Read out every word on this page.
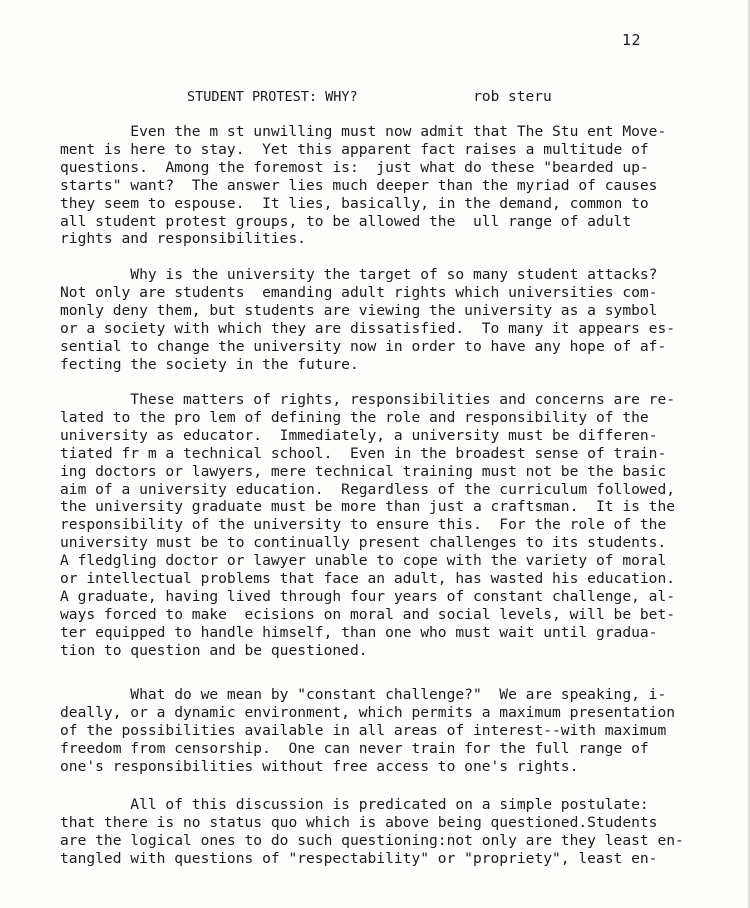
12
STUDENT PROTEST: WHY?	rob steru
Even the m st unwilling must now admit that The Stu ent Move-
ment is here to stay.  Yet this apparent fact raises a multitude of
questions.  Among the foremost is:  just what do these "bearded up-
starts" want?  The answer lies much deeper than the myriad of causes
they seem to espouse.  It lies, basically, in the demand, common to
all student protest groups, to be allowed the  ull range of adult
rights and responsibilities.
Why is the university the target of so many student attacks?
Not only are students  emanding adult rights which universities com-
monly deny them, but students are viewing the university as a symbol
or a society with which they are dissatisfied.  To many it appears es-
sential to change the university now in order to have any hope of af-
fecting the society in the future.
These matters of rights, responsibilities and concerns are re-
lated to the pro lem of defining the role and responsibility of the
university as educator.  Immediately, a university must be differen-
tiated fr m a technical school.  Even in the broadest sense of train-
ing doctors or lawyers, mere technical training must not be the basic
aim of a university education.  Regardless of the curriculum followed,
the university graduate must be more than just a craftsman.  It is the
responsibility of the university to ensure this.  For the role of the
university must be to continually present challenges to its students.
A fledgling doctor or lawyer unable to cope with the variety of moral
or intellectual problems that face an adult, has wasted his education.
A graduate, having lived through four years of constant challenge, al-
ways forced to make  ecisions on moral and social levels, will be bet-
ter equipped to handle himself, than one who must wait until gradua-
tion to question and be questioned.
What do we mean by "constant challenge?"  We are speaking, i-
deally, or a dynamic environment, which permits a maximum presentation
of the possibilities available in all areas of interest--with maximum
freedom from censorship.  One can never train for the full range of
one's responsibilities without free access to one's rights.
All of this discussion is predicated on a simple postulate:
that there is no status quo which is above being questioned.Students
are the logical ones to do such questioning:not only are they least en-
tangled with questions of "respectability" or "propriety", least en-
